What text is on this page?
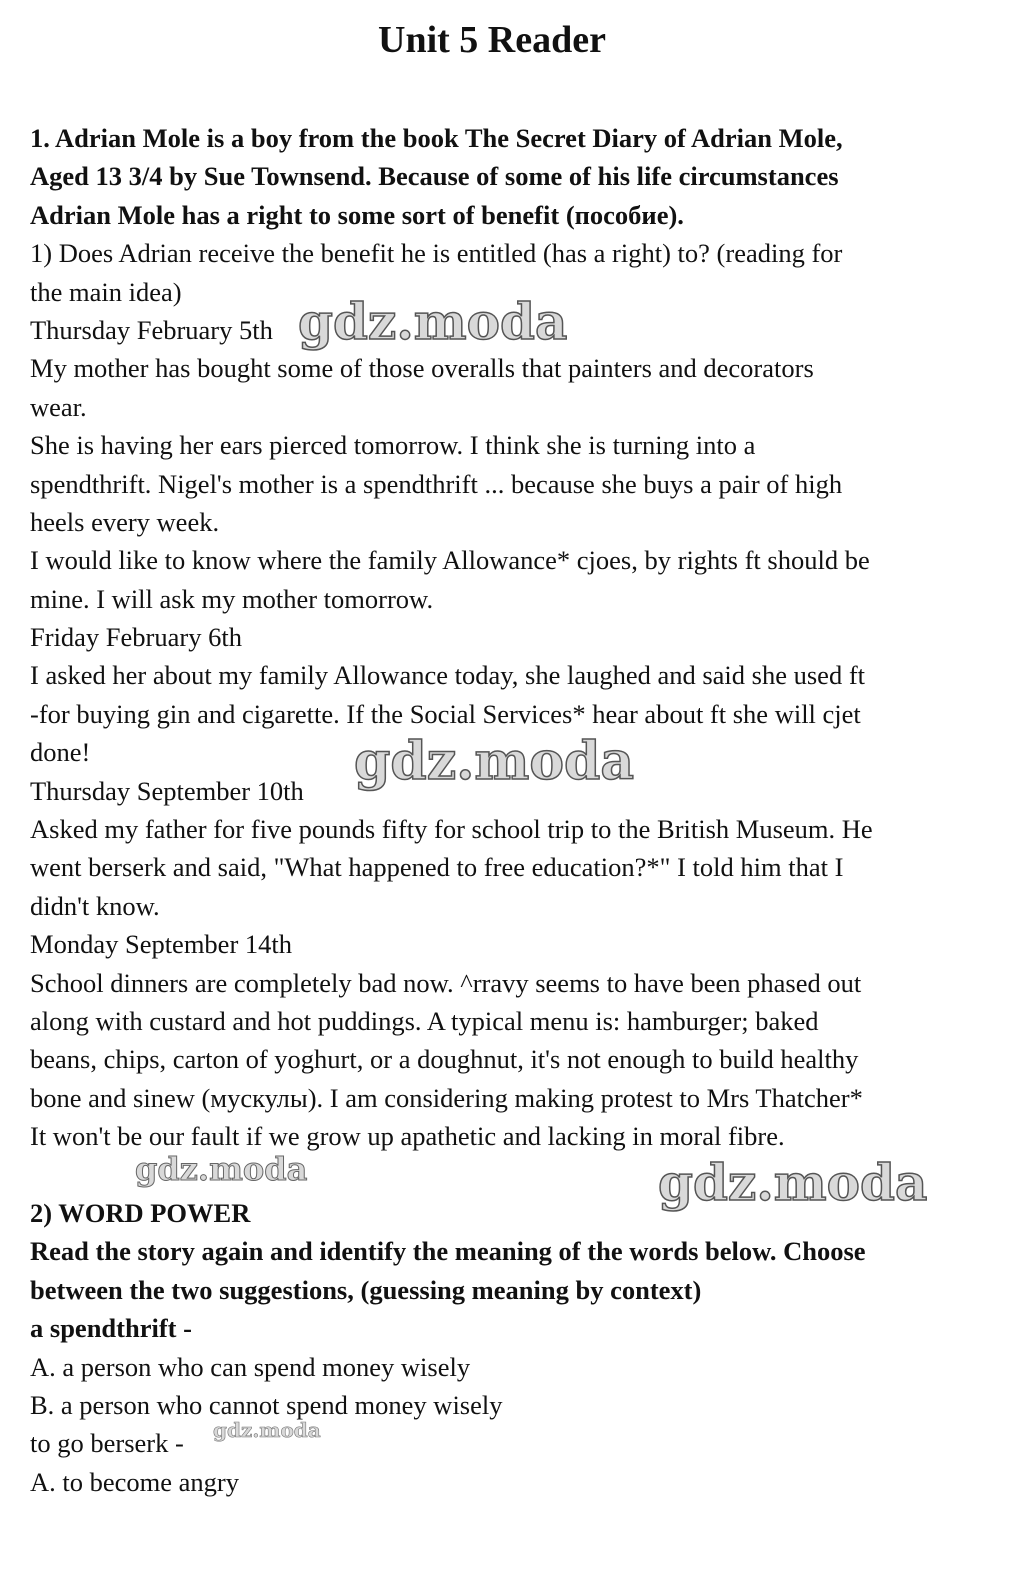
Unit 5 Reader
1. Adrian Mole is a boy from the book The Secret Diary of Adrian Mole,
Aged 13 3/4 by Sue Townsend. Because of some of his life circumstances
Adrian Mole has a right to some sort of benefit (пособие).
1) Does Adrian receive the benefit he is entitled (has a right) to? (reading for
the main idea)
Thursday February 5th
My mother has bought some of those overalls that painters and decorators
wear.
She is having her ears pierced tomorrow. I think she is turning into a
spendthrift. Nigel's mother is a spendthrift ... because she buys a pair of high
heels every week.
I would like to know where the family Allowance* cjoes, by rights ft should be
mine. I will ask my mother tomorrow.
Friday February 6th
I asked her about my family Allowance today, she laughed and said she used ft
-for buying gin and cigarette. If the Social Services* hear about ft she will cjet
done!
Thursday September 10th
Asked my father for five pounds fifty for school trip to the British Museum. He
went berserk and said, "What happened to free education?*" I told him that I
didn't know.
Monday September 14th
School dinners are completely bad now. ^rravy seems to have been phased out
along with custard and hot puddings. A typical menu is: hamburger; baked
beans, chips, carton of yoghurt, or a doughnut, it's not enough to build healthy
bone and sinew (мускулы). I am considering making protest to Mrs Thatcher*
It won't be our fault if we grow up apathetic and lacking in moral fibre.
2) WORD POWER
Read the story again and identify the meaning of the words below. Choose
between the two suggestions, (guessing meaning by context)
a spendthrift -
A. a person who can spend money wisely
B. a person who cannot spend money wisely
to go berserk -
A. to become angry
gdz.moda
gdz.moda
gdz.moda	gdz.moda
gdz.moda
